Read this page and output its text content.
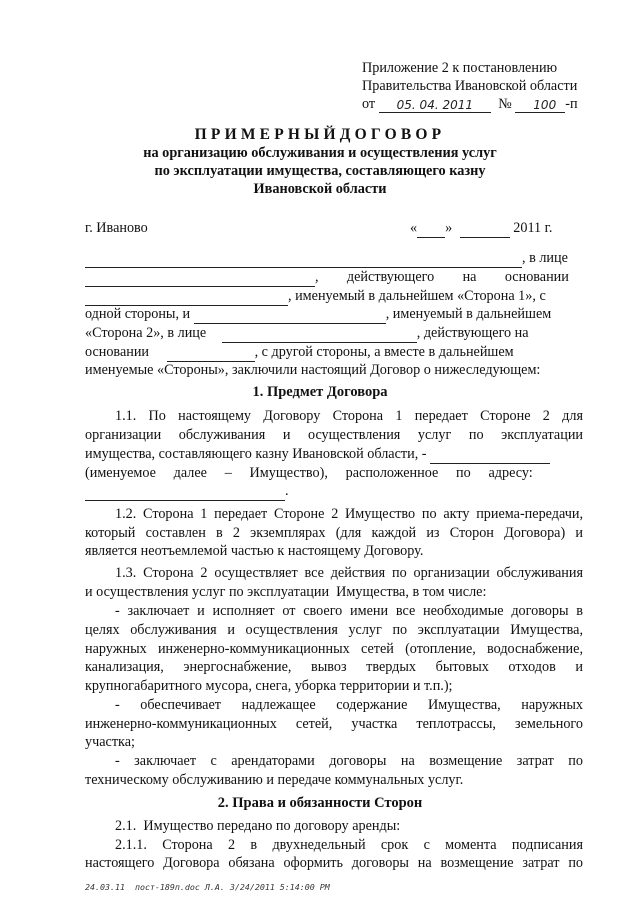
Приложение 2 к постановлению
Правительства Ивановской области
от 05. 04. 2011 № 100 -п
ПРИМЕРНЫЙДОГОВОР
на организацию обслуживания и осуществления услуг
по эксплуатации имущества, составляющего казну
Ивановской области
г. Иваново	« »	2011 г.
, в лице
,        действующего        на        основании
, именуемый в дальнейшем «Сторона 1», с
одной стороны, и	, именуемый в дальнейшем
«Сторона 2», в лице	, действующего на
основании	, с другой стороны, а вместе в дальнейшем
именуемые «Стороны», заключили настоящий Договор о нижеследующем:
1. Предмет Договора
1.1. По настоящему Договору Сторона 1 передает Стороне 2 для
организации обслуживания и осуществления услуг по эксплуатации
имущества, составляющего казну Ивановской области, -
(именуемое     далее     –     Имущество),     расположенное     по     адресу:
.
1.2. Сторона 1 передает Стороне 2 Имущество по акту приема-передачи,
который составлен в 2 экземплярах (для каждой из Сторон Договора) и
является неотъемлемой частью к настоящему Договору.
1.3. Сторона 2 осуществляет все действия по организации обслуживания
и осуществления услуг по эксплуатации  Имущества, в том числе:
- заключает и исполняет от своего имени все необходимые договоры в
целях обслуживания и осуществления услуг по эксплуатации Имущества,
наружных инженерно-коммуникационных сетей (отопление, водоснабжение,
канализация, энергоснабжение, вывоз твердых бытовых отходов и
крупногабаритного мусора, снега, уборка территории и т.п.);
- обеспечивает надлежащее содержание Имущества, наружных
инженерно-коммуникационных сетей, участка теплотрассы, земельного
участка;
- заключает с арендаторами договоры на возмещение затрат по
техническому обслуживанию и передаче коммунальных услуг.
2. Права и обязанности Сторон
2.1.  Имущество передано по договору аренды:
2.1.1. Сторона 2 в двухнедельный срок с момента подписания
настоящего Договора обязана оформить договоры на возмещение затрат по
24.03.11  пост-189п.doc Л.А. 3/24/2011 5:14:00 PM
